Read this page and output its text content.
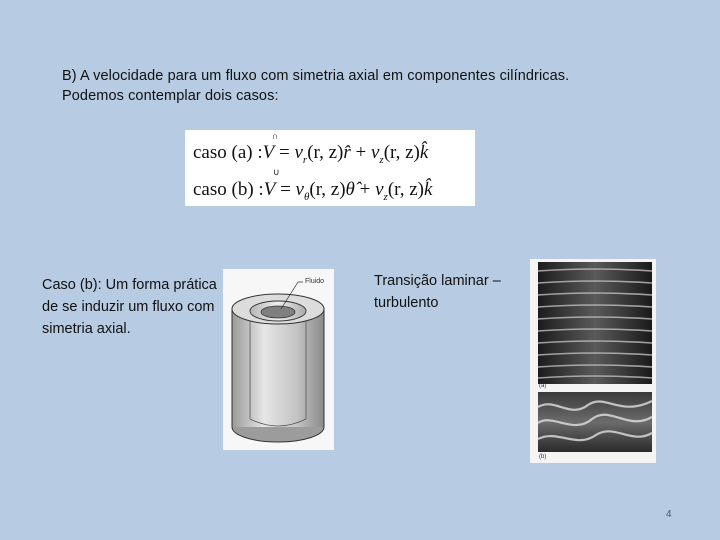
B) A velocidade para um fluxo com simetria axial em componentes cilíndricas.
Podemos contemplar dois casos:
∩
caso (a) :V = $v_r(r$, z)r̂ + $v_z(r$, z)k̂
∪
caso (b) :V = $v_\theta(r$, z)θ̂ + $v_z(r$, z)k̂
Caso (b): Um forma prática de se induzir um fluxo com simetria axial.
Fluido	Transição laminar – turbulento
(a)
(b)
4
